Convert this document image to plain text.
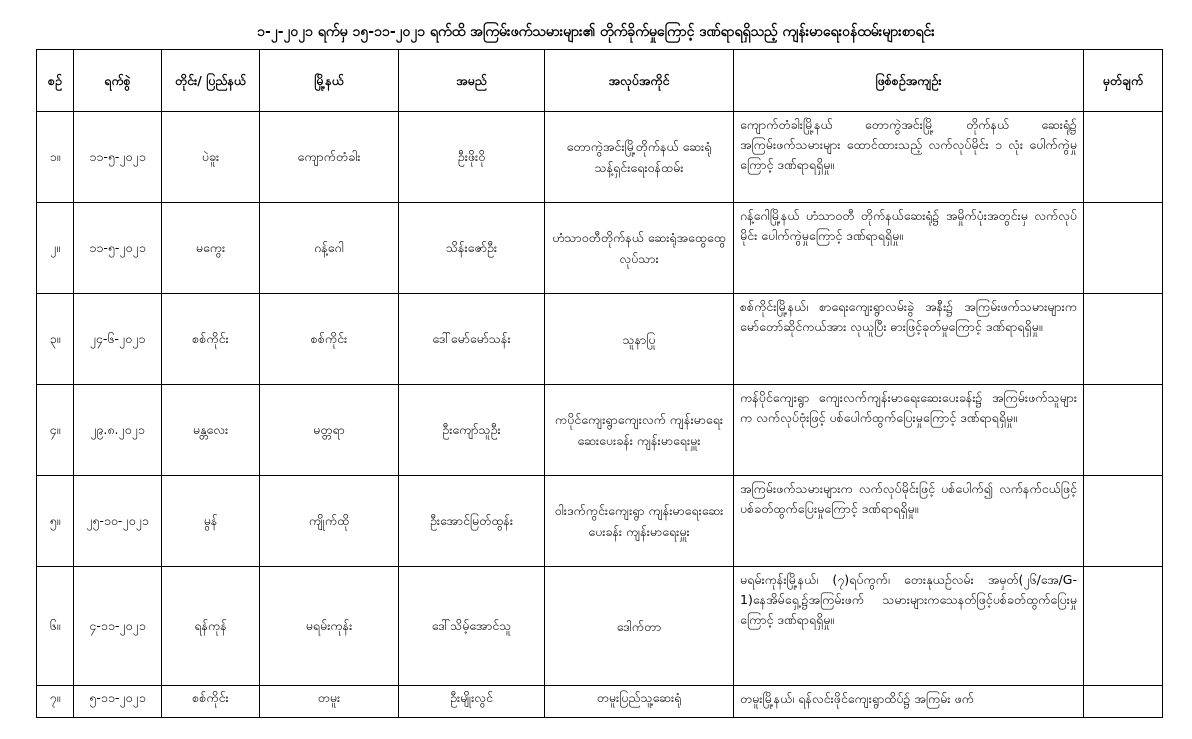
၁-၂-၂၀၂၁ ရက်မှ ၁၅-၁၁-၂၀၂၁ ရက်ထိ အကြမ်းဖက်သမားများ၏ တိုက်ခိုက်မှုကြောင့် ဒဏ်ရာရရှိသည့် ကျန်းမာရေးဝန်ထမ်းများစာရင်း
စဉ်	ရက်စွဲ	တိုင်း/ ပြည်နယ်	မြို့နယ်	အမည်	အလုပ်အကိုင်	ဖြစ်စဉ်အကျဉ်း	မှတ်ချက်
၁။	၁၁-၅-၂၀၂၁	ပဲခူး	ကျောက်တံခါး	ဦးဖိုးဝို	တောကွဲအင်းမြို့တိုက်နယ် ဆေးရုံသန့်ရှင်းရေးဝန်ထမ်း	ကျောက်တံခါးမြို့နယ် တောကွဲအင်းမြို့ တိုက်နယ် ဆေးရုံ၌ အကြမ်းဖက်သမားများ ထောင်ထားသည့် လက်လုပ်မိုင်း ၁ လုံး ပေါက်ကွဲမှုကြောင့် ဒဏ်ရာရရှိမှု။	
၂။	၁၁-၅-၂၀၂၁	မကွေး	ဂန့်ဂေါ	သိန်းဇော်ဦး	ဟံသာဝတီတိုက်နယ် ဆေးရုံအထွေထွေလုပ်သား	ဂန့်ဂေါမြို့နယ် ဟံသာဝတီ တိုက်နယ်ဆေးရုံ၌ အမှိုက်ပုံးအတွင်းမှ လက်လုပ်မိုင်း ပေါက်ကွဲမှုကြောင့် ဒဏ်ရာရရှိမှု။	
၃။	၂၄-၆-၂၀၂၁	စစ်ကိုင်း	စစ်ကိုင်း	ဒေါ်မော်မော်သန်း	သူနာပြု	စစ်ကိုင်းမြို့နယ်၊ စာရေးကျေးရွာလမ်းခွဲ အနီး၌ အကြမ်းဖက်သမားများက မော်တော်ဆိုင်ကယ်အား လုယူပြီး ဓားဖြင့်ခုတ်မှုကြောင့် ဒဏ်ရာရရှိမှု။	
၄။	၂၉.၈.၂၀၂၁	မန္တလေး	မတ္တရာ	ဦးကျော်သူဦး	ကပိုင်ကျေးရွာကျေးလက် ကျန်းမာရေးဆေးပေးခန်း ကျန်းမာရေးမှူး	ကန်ပိုင်ကျေးရွာ ကျေးလက်ကျန်းမာရေးဆေးပေးခန်း၌ အကြမ်းဖက်သူများက လက်လုပ်ဗုံးဖြင့် ပစ်ပေါက်ထွက်ပြေးမှုကြောင့် ဒဏ်ရာရရှိမှု။	
၅။	၂၅-၁၀-၂၀၂၁	မွန်	ကျိုက်ထို	ဦးအောင်မြတ်ထွန်း	ဝါးဒက်ကွင်းကျေးရွာ ကျန်းမာရေးဆေးပေးခန်း ကျန်းမာရေးမှူး	အကြမ်းဖက်သမားများက လက်လုပ်မိုင်းဖြင့် ပစ်ပေါက်၍ လက်နက်ငယ်ဖြင့် ပစ်ခတ်ထွက်ပြေးမှုကြောင့် ဒဏ်ရာရရှိမှု။	
၆။	၄-၁၁-၂၀၂၁	ရန်ကုန်	မရမ်းကုန်း	ဒေါ်သိမ့်အောင်သူ	ဒေါက်တာ	မရမ်းကုန်းမြို့နယ်၊ (၇)ရပ်ကွက်၊ တေးနုယဉ်လမ်း အမှတ်(၂၆/အေ/G-1)နေအိမ်ရှေ့၌အကြမ်းဖက် သမားများကသေနတ်ဖြင့်ပစ်ခတ်ထွက်ပြေးမှုကြောင့် ဒဏ်ရာရရှိမှု။	
၇။	၅-၁၁-၂၀၂၁	စစ်ကိုင်း	တမူး	ဦးမျိုးလွင်	တမူးပြည်သူ့ဆေးရုံ	တမူးမြို့နယ်၊ ရန်လင်းဖိုင်ကျေးရွာထိပ်၌ အကြမ်း ဖက်	
